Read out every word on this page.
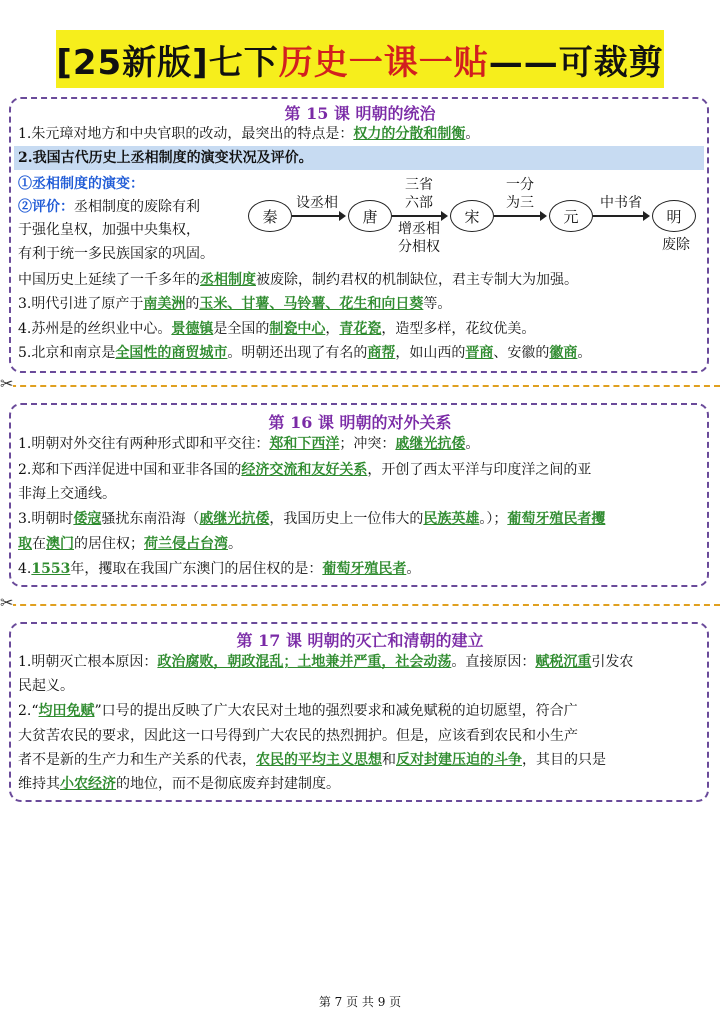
[25新版]七下 历史一课一贴 ——可裁剪
第 15 课 明朝的统治
1.朱元璋对地方和中央官职的改动，最突出的特点是：权力的分散和制衡。
2.我国古代历史上丞相制度的演变状况及评价。
①丞相制度的演变：
②评价：丞相制度的废除有利
于强化皇权，加强中央集权，
有利于统一多民族国家的巩固。
秦	唐	宋	元	明
设丞相
三省
六部
增丞相
分相权
一分
为三	中书省
废除
中国历史上延续了一千多年的丞相制度被废除，制约君权的机制缺位，君主专制大为加强。
3.明代引进了原产于南美洲的玉米、甘薯、马铃薯、花生和向日葵等。
4.苏州是的丝织业中心。景德镇是全国的制瓷中心，青花瓷，造型多样，花纹优美。
5.北京和南京是全国性的商贸城市。明朝还出现了有名的商帮，如山西的晋商、安徽的徽商。
✂
第 16 课 明朝的对外关系
1.明朝对外交往有两种形式即和平交往：郑和下西洋；冲突：戚继光抗倭。
2.郑和下西洋促进中国和亚非各国的经济交流和友好关系，开创了西太平洋与印度洋之间的亚
非海上交通线。
3.明朝时倭寇骚扰东南沿海（戚继光抗倭，我国历史上一位伟大的民族英雄。）；葡萄牙殖民者攫
取在澳门的居住权；荷兰侵占台湾。
4.1553年，攫取在我国广东澳门的居住权的是：葡萄牙殖民者。
✂
第 17 课 明朝的灭亡和清朝的建立
1.明朝灭亡根本原因：政治腐败，朝政混乱；土地兼并严重，社会动荡。直接原因：赋税沉重引发农
民起义。
2.“均田免赋”口号的提出反映了广大农民对土地的强烈要求和减免赋税的迫切愿望，符合广
大贫苦农民的要求，因此这一口号得到广大农民的热烈拥护。但是，应该看到农民和小生产
者不是新的生产力和生产关系的代表，农民的平均主义思想和反对封建压迫的斗争，其目的只是
维持其小农经济的地位，而不是彻底废弃封建制度。
第 7 页 共 9 页
